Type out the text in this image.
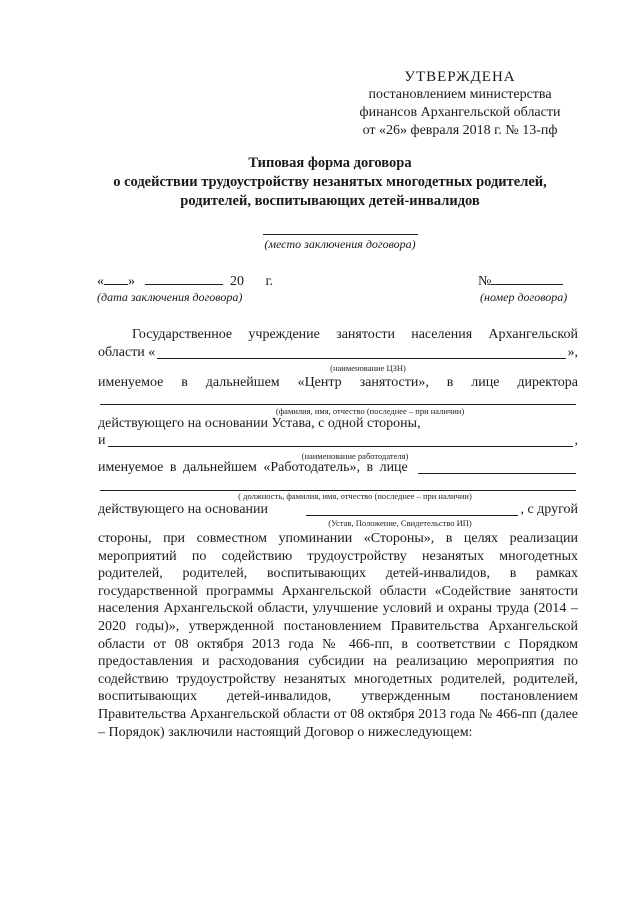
УТВЕРЖДЕНА
постановлением министерства
финансов Архангельской области
от «26» февраля 2018 г. № 13-пф
Типовая форма договора
о содействии трудоустройству незанятых многодетных родителей,
родителей, воспитывающих детей-инвалидов
(место заключения договора)
« »	20 г.
(дата заключения договора)
№
(номер договора)
Государственное учреждение занятости населения Архангельской
области «	»,
(наименование ЦЗН)
именуемое в дальнейшем «Центр занятости», в лице директора
(фамилия, имя, отчество (последнее – при наличии)
действующего на основании Устава, с одной стороны,
и	,
(наименование работодателя)
именуемое в дальнейшем «Работодатель», в лице
( должность, фамилия, имя, отчество (последнее – при наличии)
действующего на основании	, с другой
(Устав, Положение, Свидетельство ИП)

стороны, при совместном упоминании «Стороны», в целях реализации мероприятий по содействию трудоустройству незанятых многодетных родителей, родителей, воспитывающих детей-инвалидов, в рамках государственной программы Архангельской области «Содействие занятости населения Архангельской области, улучшение условий и охраны труда (2014 – 2020 годы)», утвержденной постановлением Правительства Архангельской области от 08 октября 2013 года № 466-пп, в соответствии с Порядком предоставления и расходования субсидии на реализацию мероприятия по содействию трудоустройству незанятых многодетных родителей, родителей, воспитывающих детей-инвалидов, утвержденным постановлением Правительства Архангельской области от 08 октября 2013 года № 466-пп (далее – Порядок) заключили настоящий Договор о нижеследующем:
